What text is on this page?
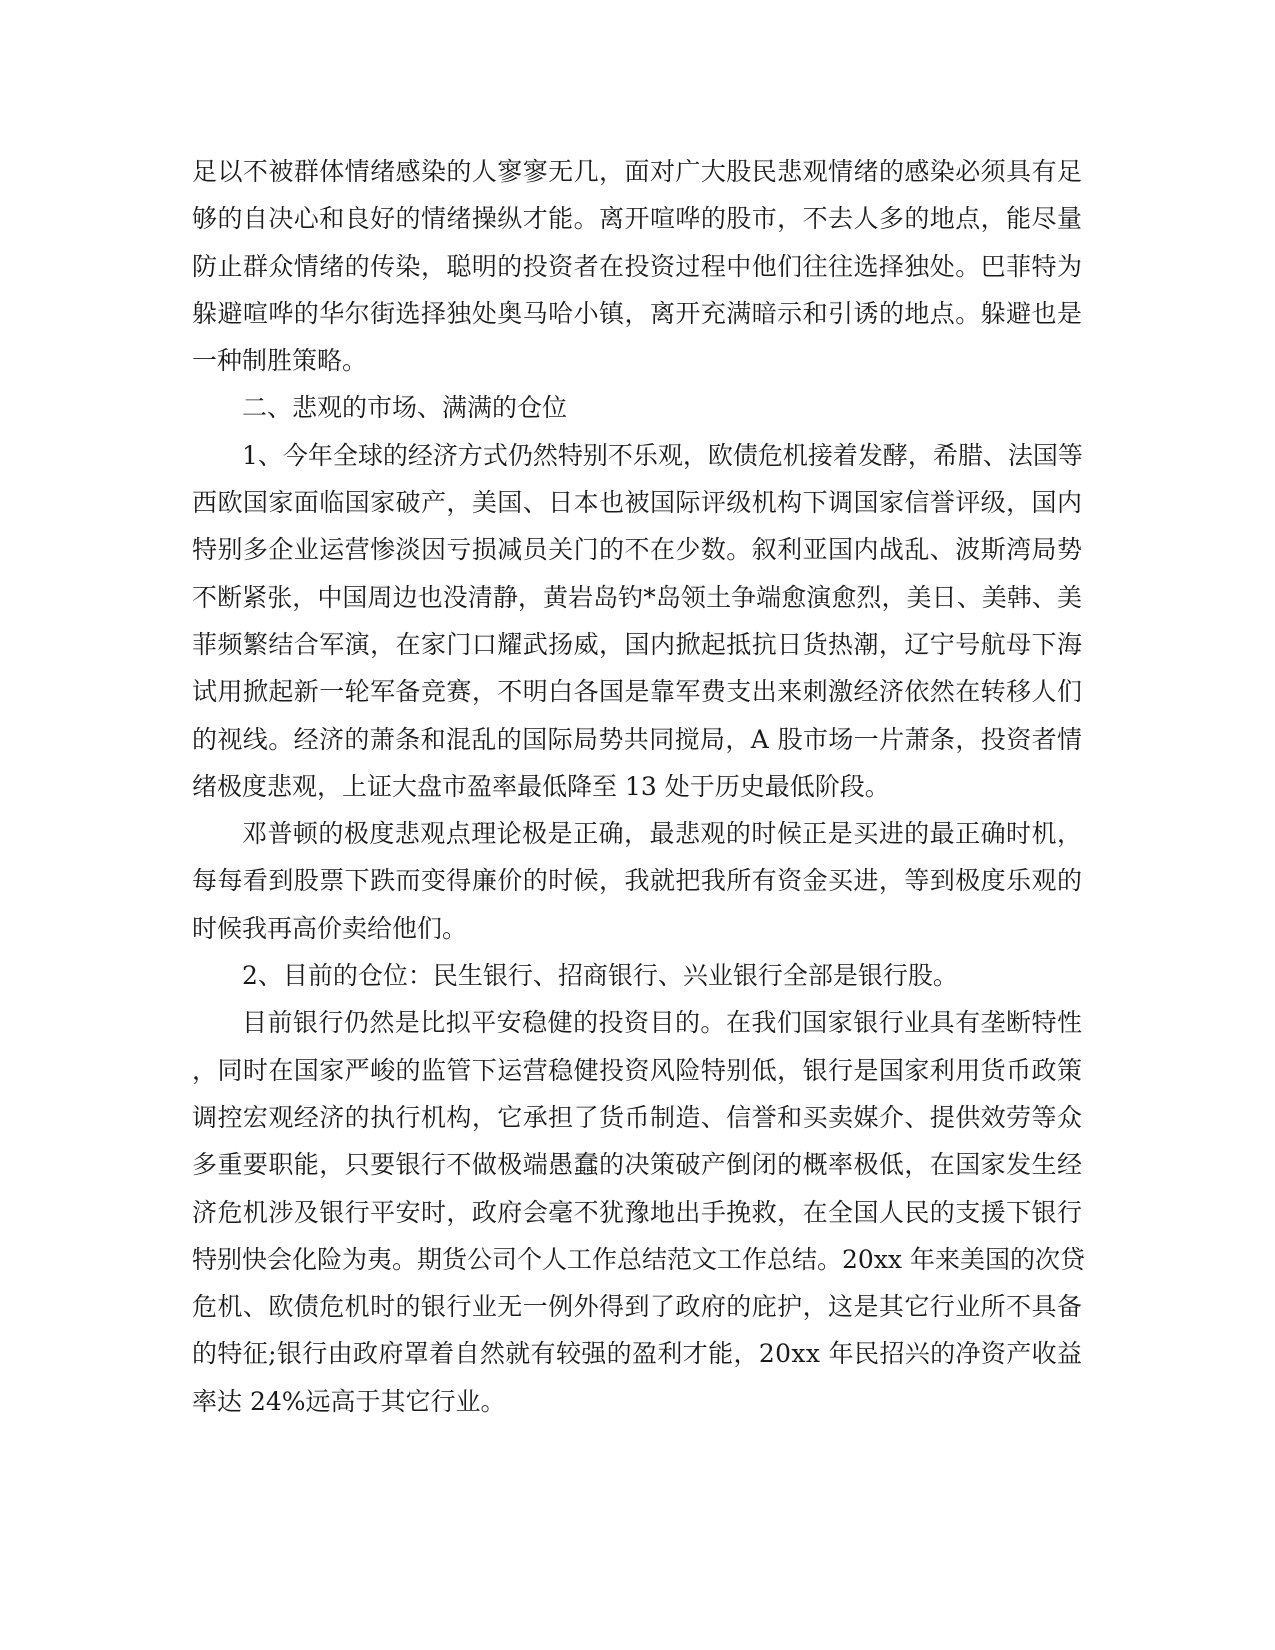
足以不被群体情绪感染的人寥寥无几，面对广大股民悲观情绪的感染必须具有足
够的自决心和良好的情绪操纵才能。离开喧哗的股市，不去人多的地点，能尽量
防止群众情绪的传染，聪明的投资者在投资过程中他们往往选择独处。巴菲特为
躲避喧哗的华尔街选择独处奥马哈小镇，离开充满暗示和引诱的地点。躲避也是
一种制胜策略。
二、悲观的市场、满满的仓位
1、今年全球的经济方式仍然特别不乐观，欧债危机接着发酵，希腊、法国等
西欧国家面临国家破产，美国、日本也被国际评级机构下调国家信誉评级，国内
特别多企业运营惨淡因亏损减员关门的不在少数。叙利亚国内战乱、波斯湾局势
不断紧张，中国周边也没清静，黄岩岛钓*岛领土争端愈演愈烈，美日、美韩、美
菲频繁结合军演，在家门口耀武扬威，国内掀起抵抗日货热潮，辽宁号航母下海
试用掀起新一轮军备竞赛，不明白各国是靠军费支出来刺激经济依然在转移人们
的视线。经济的萧条和混乱的国际局势共同搅局，A 股市场一片萧条，投资者情
绪极度悲观，上证大盘市盈率最低降至 13 处于历史最低阶段。
邓普顿的极度悲观点理论极是正确，最悲观的时候正是买进的最正确时机，
每每看到股票下跌而变得廉价的时候，我就把我所有资金买进，等到极度乐观的
时候我再高价卖给他们。
2、目前的仓位：民生银行、招商银行、兴业银行全部是银行股。
目前银行仍然是比拟平安稳健的投资目的。在我们国家银行业具有垄断特性
，同时在国家严峻的监管下运营稳健投资风险特别低，银行是国家利用货币政策
调控宏观经济的执行机构，它承担了货币制造、信誉和买卖媒介、提供效劳等众
多重要职能，只要银行不做极端愚蠢的决策破产倒闭的概率极低，在国家发生经
济危机涉及银行平安时，政府会毫不犹豫地出手挽救，在全国人民的支援下银行
特别快会化险为夷。期货公司个人工作总结范文工作总结。20xx 年来美国的次贷
危机、欧债危机时的银行业无一例外得到了政府的庇护，这是其它行业所不具备
的特征;银行由政府罩着自然就有较强的盈利才能，20xx 年民招兴的净资产收益
率达 24%远高于其它行业。
